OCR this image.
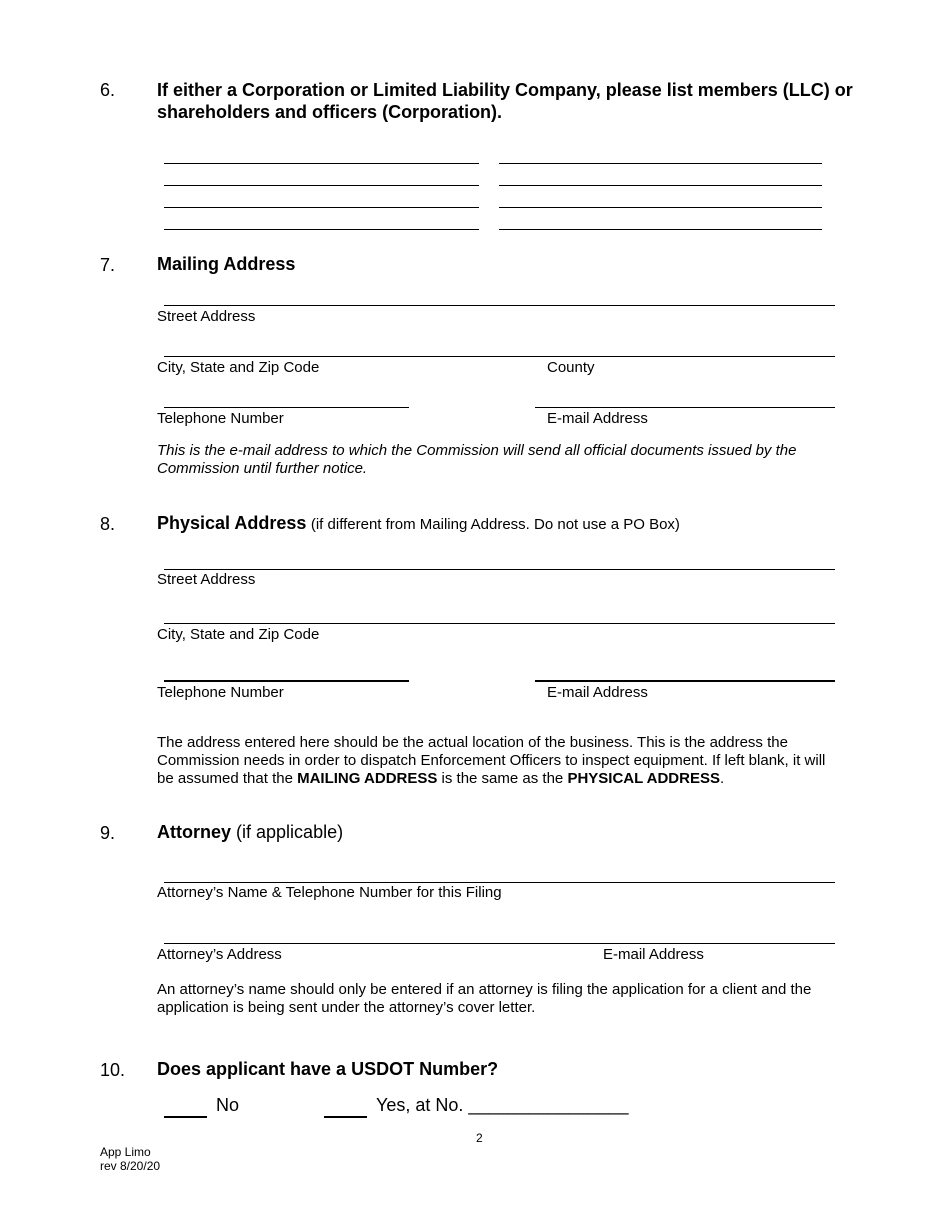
6. If either a Corporation or Limited Liability Company, please list members (LLC) or shareholders and officers (Corporation).
7. Mailing Address
Street Address
City, State and Zip Code	County
Telephone Number	E-mail Address
This is the e-mail address to which the Commission will send all official documents issued by the Commission until further notice.
8. Physical Address (if different from Mailing Address. Do not use a PO Box)
Street Address
City, State and Zip Code
Telephone Number	E-mail Address
The address entered here should be the actual location of the business. This is the address the Commission needs in order to dispatch Enforcement Officers to inspect equipment. If left blank, it will be assumed that the MAILING ADDRESS is the same as the PHYSICAL ADDRESS.
9. Attorney (if applicable)
Attorney’s Name & Telephone Number for this Filing
Attorney’s Address	E-mail Address
An attorney’s name should only be entered if an attorney is filing the application for a client and the application is being sent under the attorney’s cover letter.
10. Does applicant have a USDOT Number?
No	Yes, at No. ________________
2
App Limo
rev 8/20/20
